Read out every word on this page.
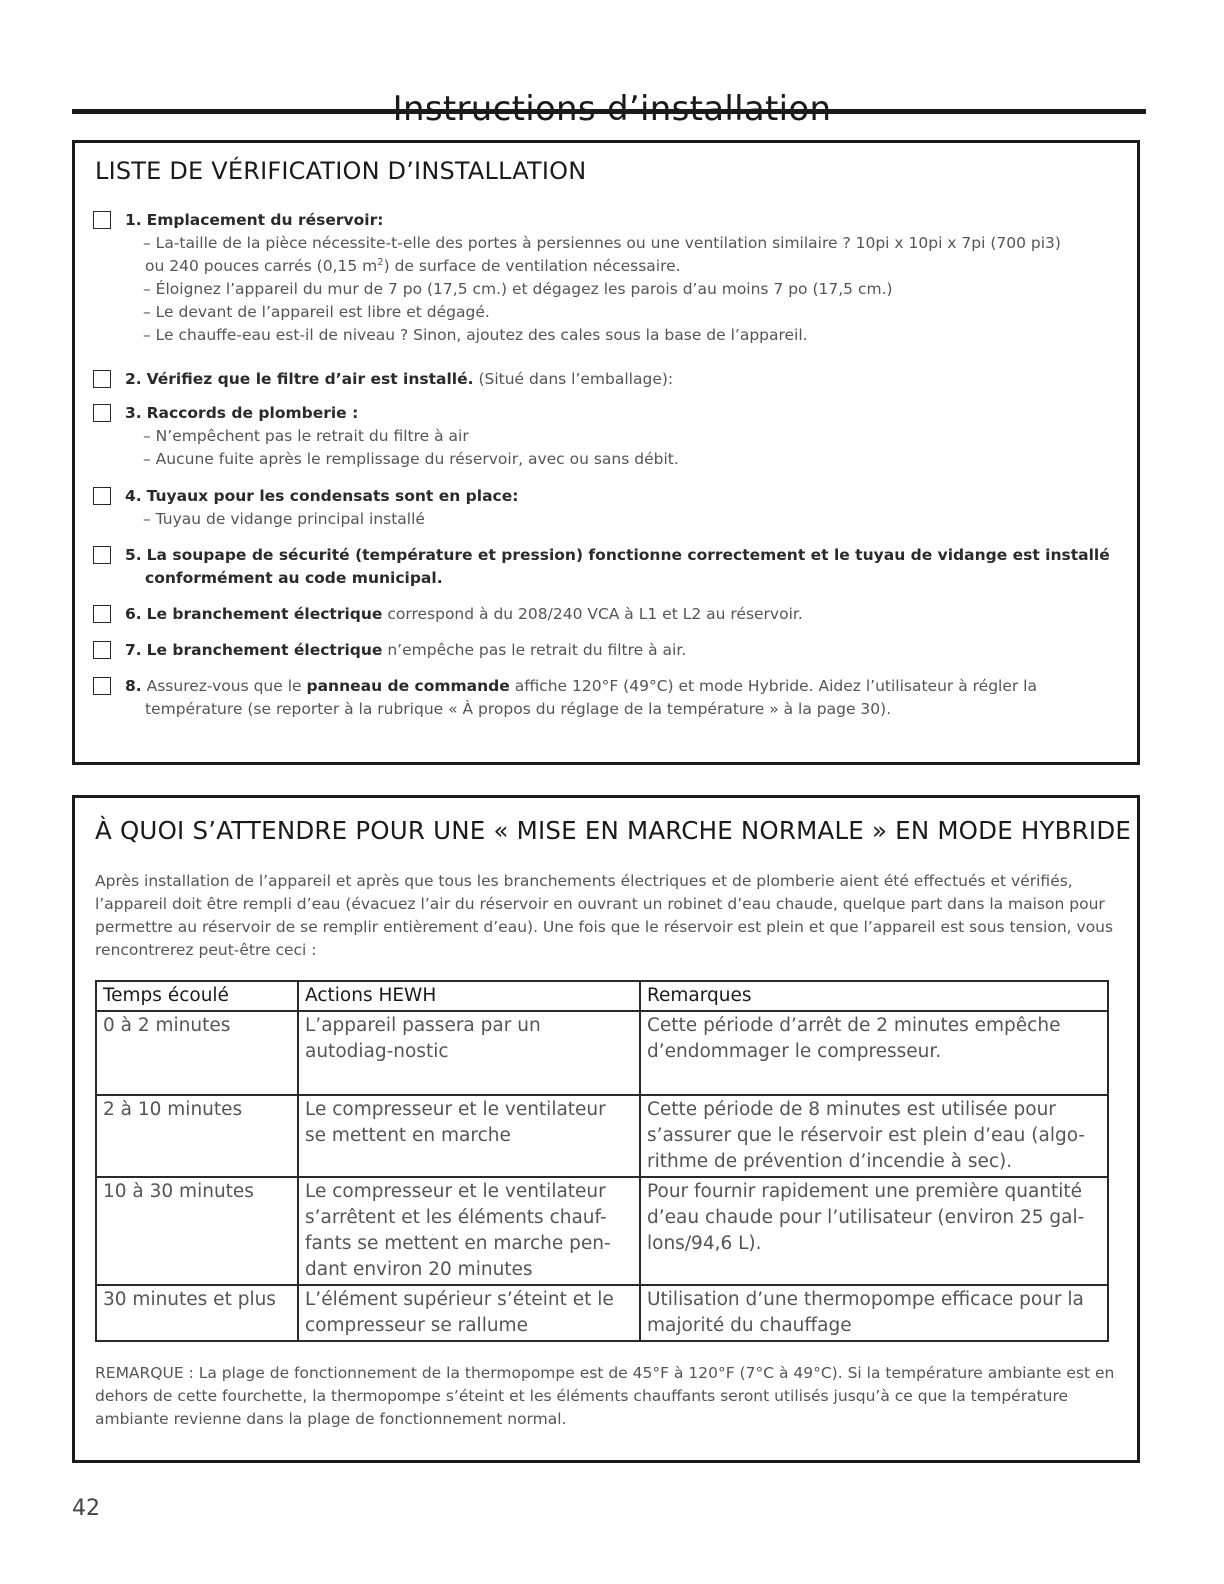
LISTE DE VÉRIFICATION D’INSTALLATION
1. Emplacement du réservoir:
– La-taille de la pièce nécessite-t-elle des portes à persiennes ou une ventilation similaire ? 10pi x 10pi x 7pi (700 pi3)
ou 240 pouces carrés (0,15 $m^2$) de surface de ventilation nécessaire.
– Éloignez l’appareil du mur de 7 po (17,5 cm.) et dégagez les parois d’au moins 7 po (17,5 cm.)
– Le devant de l’appareil est libre et dégagé.
– Le chauffe-eau est-il de niveau ? Sinon, ajoutez des cales sous la base de l’appareil.
2. Vérifiez que le filtre d’air est installé. (Situé dans l’emballage):
3. Raccords de plomberie :
– N’empêchent pas le retrait du filtre à air
– Aucune fuite après le remplissage du réservoir, avec ou sans débit.
4. Tuyaux pour les condensats sont en place:
– Tuyau de vidange principal installé
5. La soupape de sécurité (température et pression) fonctionne correctement et le tuyau de vidange est installé
conformément au code municipal.
6. Le branchement électrique correspond à du 208/240 VCA à L1 et L2 au réservoir.
7. Le branchement électrique n’empêche pas le retrait du filtre à air.
8. Assurez-vous que le panneau de commande affiche 120°F (49°C) et mode Hybride. Aidez l’utilisateur à régler la
température (se reporter à la rubrique « À propos du réglage de la température » à la page 30).
À QUOI S’ATTENDRE POUR UNE « MISE EN MARCHE NORMALE » EN MODE HYBRIDE

Après installation de l’appareil et après que tous les branchements électriques et de plomberie aient été effectués et vérifiés, l’appareil doit être rempli d’eau (évacuez l’air du réservoir en ouvrant un robinet d’eau chaude, quelque part dans la maison pour permettre au réservoir de se remplir entièrement d’eau). Une fois que le réservoir est plein et que l’appareil est sous tension, vous rencontrerez peut-être ceci :

Temps écoulé	Actions HEWH	Remarques
0 à 2 minutes	L’appareil passera par un autodiag-nostic	Cette période d’arrêt de 2 minutes empêche d’endommager le compresseur.
2 à 10 minutes	Le compresseur et le ventilateur se mettent en marche	Cette période de 8 minutes est utilisée pour s’assurer que le réservoir est plein d’eau (algo-rithme de prévention d’incendie à sec).
10 à 30 minutes	Le compresseur et le ventilateur s’arrêtent et les éléments chauf-fants se mettent en marche pen-dant environ 20 minutes	Pour fournir rapidement une première quantité d’eau chaude pour l’utilisateur (environ 25 gal-lons/94,6 L).
30 minutes et plus	L’élément supérieur s’éteint et le compresseur se rallume	Utilisation d’une thermopompe efficace pour la majorité du chauffage

REMARQUE : La plage de fonctionnement de la thermopompe est de 45°F à 120°F (7°C à 49°C). Si la température ambiante est en dehors de cette fourchette, la thermopompe s’éteint et les éléments chauffants seront utilisés jusqu’à ce que la température ambiante revienne dans la plage de fonctionnement normal.

42
